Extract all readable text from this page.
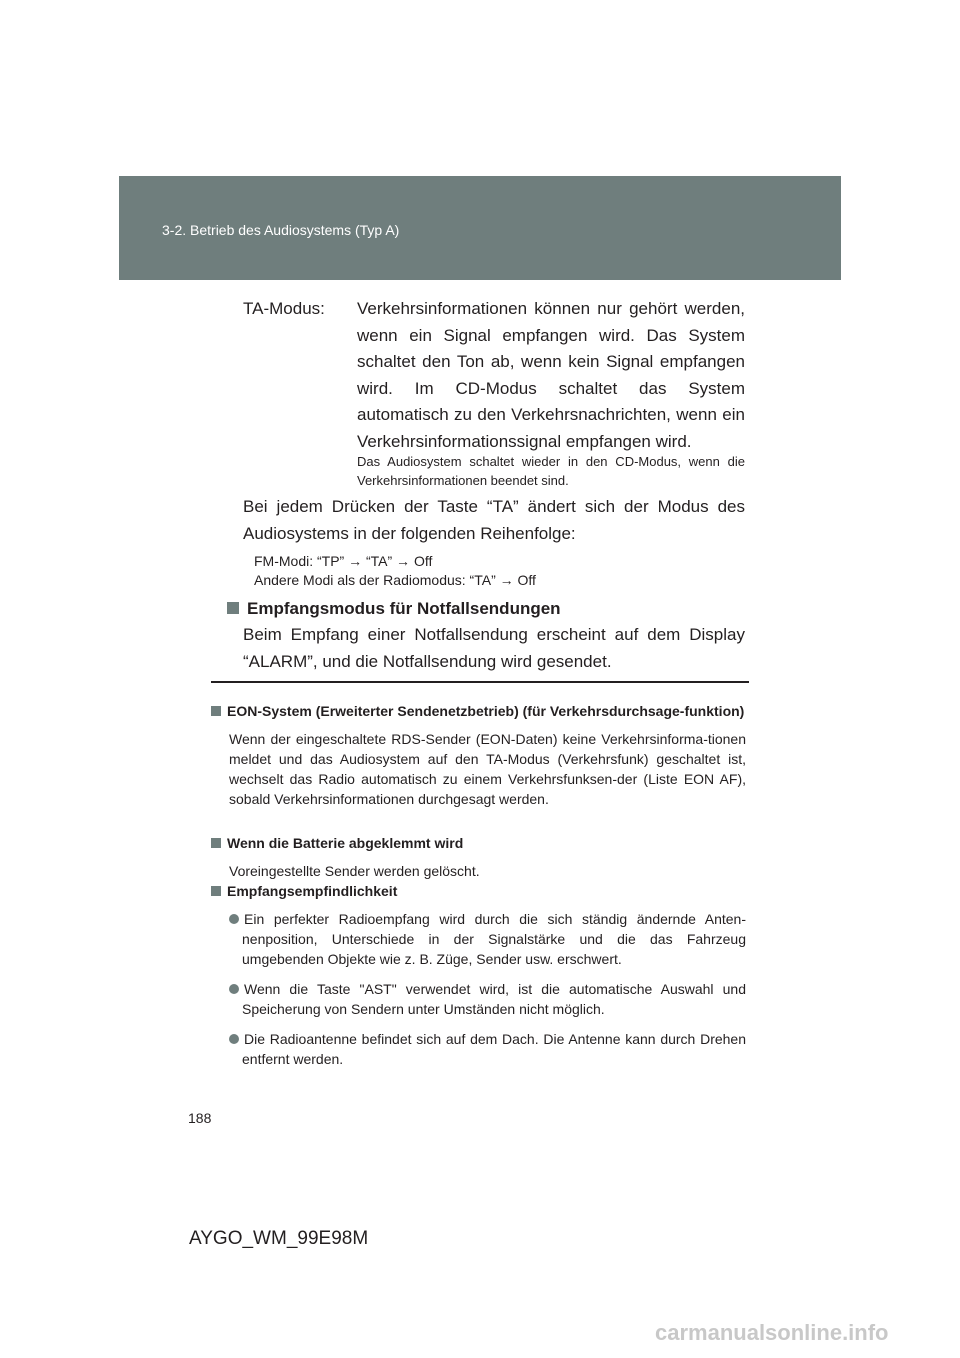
3-2. Betrieb des Audiosystems (Typ A)
TA-Modus: Verkehrsinformationen können nur gehört werden, wenn ein Signal empfangen wird. Das System schaltet den Ton ab, wenn kein Signal empfangen wird. Im CD-Modus schaltet das System automatisch zu den Verkehrsnachrichten, wenn ein Verkehrsinformationssignal empfangen wird.
Das Audiosystem schaltet wieder in den CD-Modus, wenn die Verkehrsinformationen beendet sind.
Bei jedem Drücken der Taste “TA” ändert sich der Modus des Audiosystems in der folgenden Reihenfolge:
FM-Modi: “TP” → “TA” → Off
Andere Modi als der Radiomodus: “TA” → Off
Empfangsmodus für Notfallsendungen
Beim Empfang einer Notfallsendung erscheint auf dem Display “ALARM”, und die Notfallsendung wird gesendet.
EON-System (Erweiterter Sendenetzbetrieb) (für Verkehrsdurchsage-funktion)
Wenn der eingeschaltete RDS-Sender (EON-Daten) keine Verkehrsinforma-tionen meldet und das Audiosystem auf den TA-Modus (Verkehrsfunk) geschaltet ist, wechselt das Radio automatisch zu einem Verkehrsfunksen-der (Liste EON AF), sobald Verkehrsinformationen durchgesagt werden.
Wenn die Batterie abgeklemmt wird
Voreingestellte Sender werden gelöscht.
Empfangsempfindlichkeit
Ein perfekter Radioempfang wird durch die sich ständig ändernde Anten-nenposition, Unterschiede in der Signalstärke und die das Fahrzeug umgebenden Objekte wie z. B. Züge, Sender usw. erschwert.
Wenn die Taste "AST" verwendet wird, ist die automatische Auswahl und Speicherung von Sendern unter Umständen nicht möglich.
Die Radioantenne befindet sich auf dem Dach. Die Antenne kann durch Drehen entfernt werden.
188
AYGO_WM_99E98M
carmanualsonline.info
